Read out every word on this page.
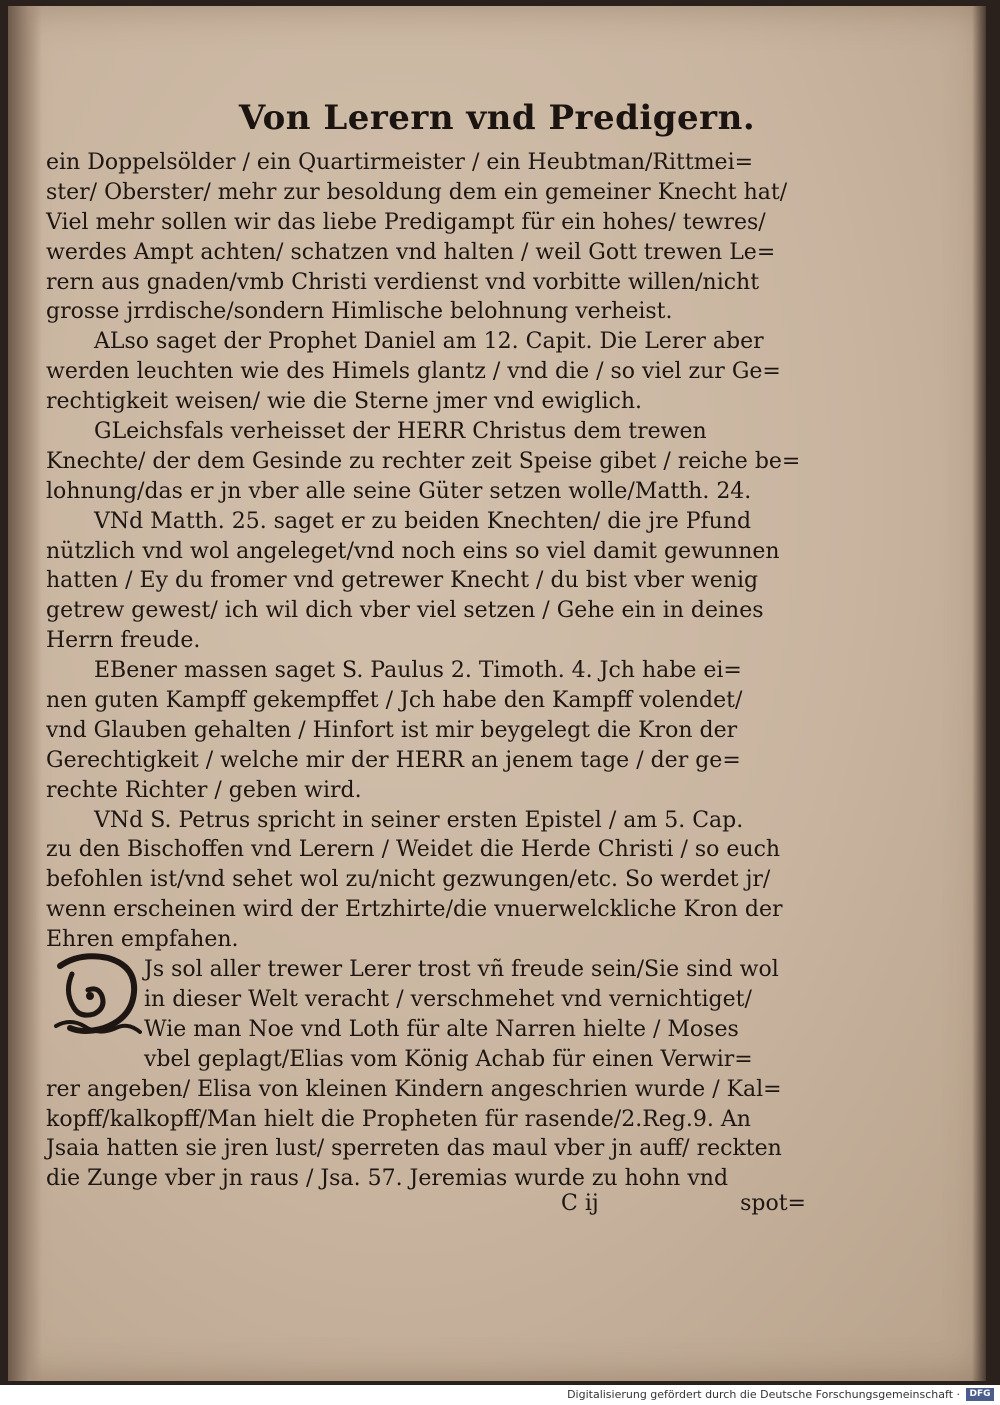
Von Lerern vnd Predigern.
ein Doppelsölder / ein Quartirmeister / ein Heubtman/Rittmei=
ster/ Oberster/ mehr zur besoldung dem ein gemeiner Knecht hat/
Viel mehr sollen wir das liebe Predigampt für ein hohes/ tewres/
werdes Ampt achten/ schatzen vnd halten / weil Gott trewen Le=
rern aus gnaden/vmb Christi verdienst vnd vorbitte willen/nicht
grosse jrrdische/sondern Himlische belohnung verheist.
ALso saget der Prophet Daniel am 12. Capit. Die Lerer aber
werden leuchten wie des Himels glantz / vnd die / so viel zur Ge=
rechtigkeit weisen/ wie die Sterne jmer vnd ewiglich.
GLeichsfals verheisset der HERR Christus dem trewen
Knechte/ der dem Gesinde zu rechter zeit Speise gibet / reiche be=
lohnung/das er jn vber alle seine Güter setzen wolle/Matth. 24.
VNd Matth. 25. saget er zu beiden Knechten/ die jre Pfund
nützlich vnd wol angeleget/vnd noch eins so viel damit gewunnen
hatten / Ey du fromer vnd getrewer Knecht / du bist vber wenig
getrew gewest/ ich wil dich vber viel setzen / Gehe ein in deines
Herrn freude.
EBener massen saget S. Paulus 2. Timoth. 4. Jch habe ei=
nen guten Kampff gekempffet / Jch habe den Kampff volendet/
vnd Glauben gehalten / Hinfort ist mir beygelegt die Kron der
Gerechtigkeit / welche mir der HERR an jenem tage / der ge=
rechte Richter / geben wird.
VNd S. Petrus spricht in seiner ersten Epistel / am 5. Cap.
zu den Bischoffen vnd Lerern / Weidet die Herde Christi / so euch
befohlen ist/vnd sehet wol zu/nicht gezwungen/etc. So werdet jr/
wenn erscheinen wird der Ertzhirte/die vnuerwelckliche Kron der
Ehren empfahen.
Js sol aller trewer Lerer trost vñ freude sein/Sie sind wol
in dieser Welt veracht / verschmehet vnd vernichtiget/
Wie man Noe vnd Loth für alte Narren hielte / Moses
vbel geplagt/Elias vom König Achab für einen Verwir=
rer angeben/ Elisa von kleinen Kindern angeschrien wurde / Kal=
kopff/kalkopff/Man hielt die Propheten für rasende/2.Reg.9. An
Jsaia hatten sie jren lust/ sperreten das maul vber jn auff/ reckten
die Zunge vber jn raus / Jsa. 57. Jeremias wurde zu hohn vnd
C ij	spot=
Digitalisierung gefördert durch die Deutsche Forschungsgemeinschaft ·	DFG
